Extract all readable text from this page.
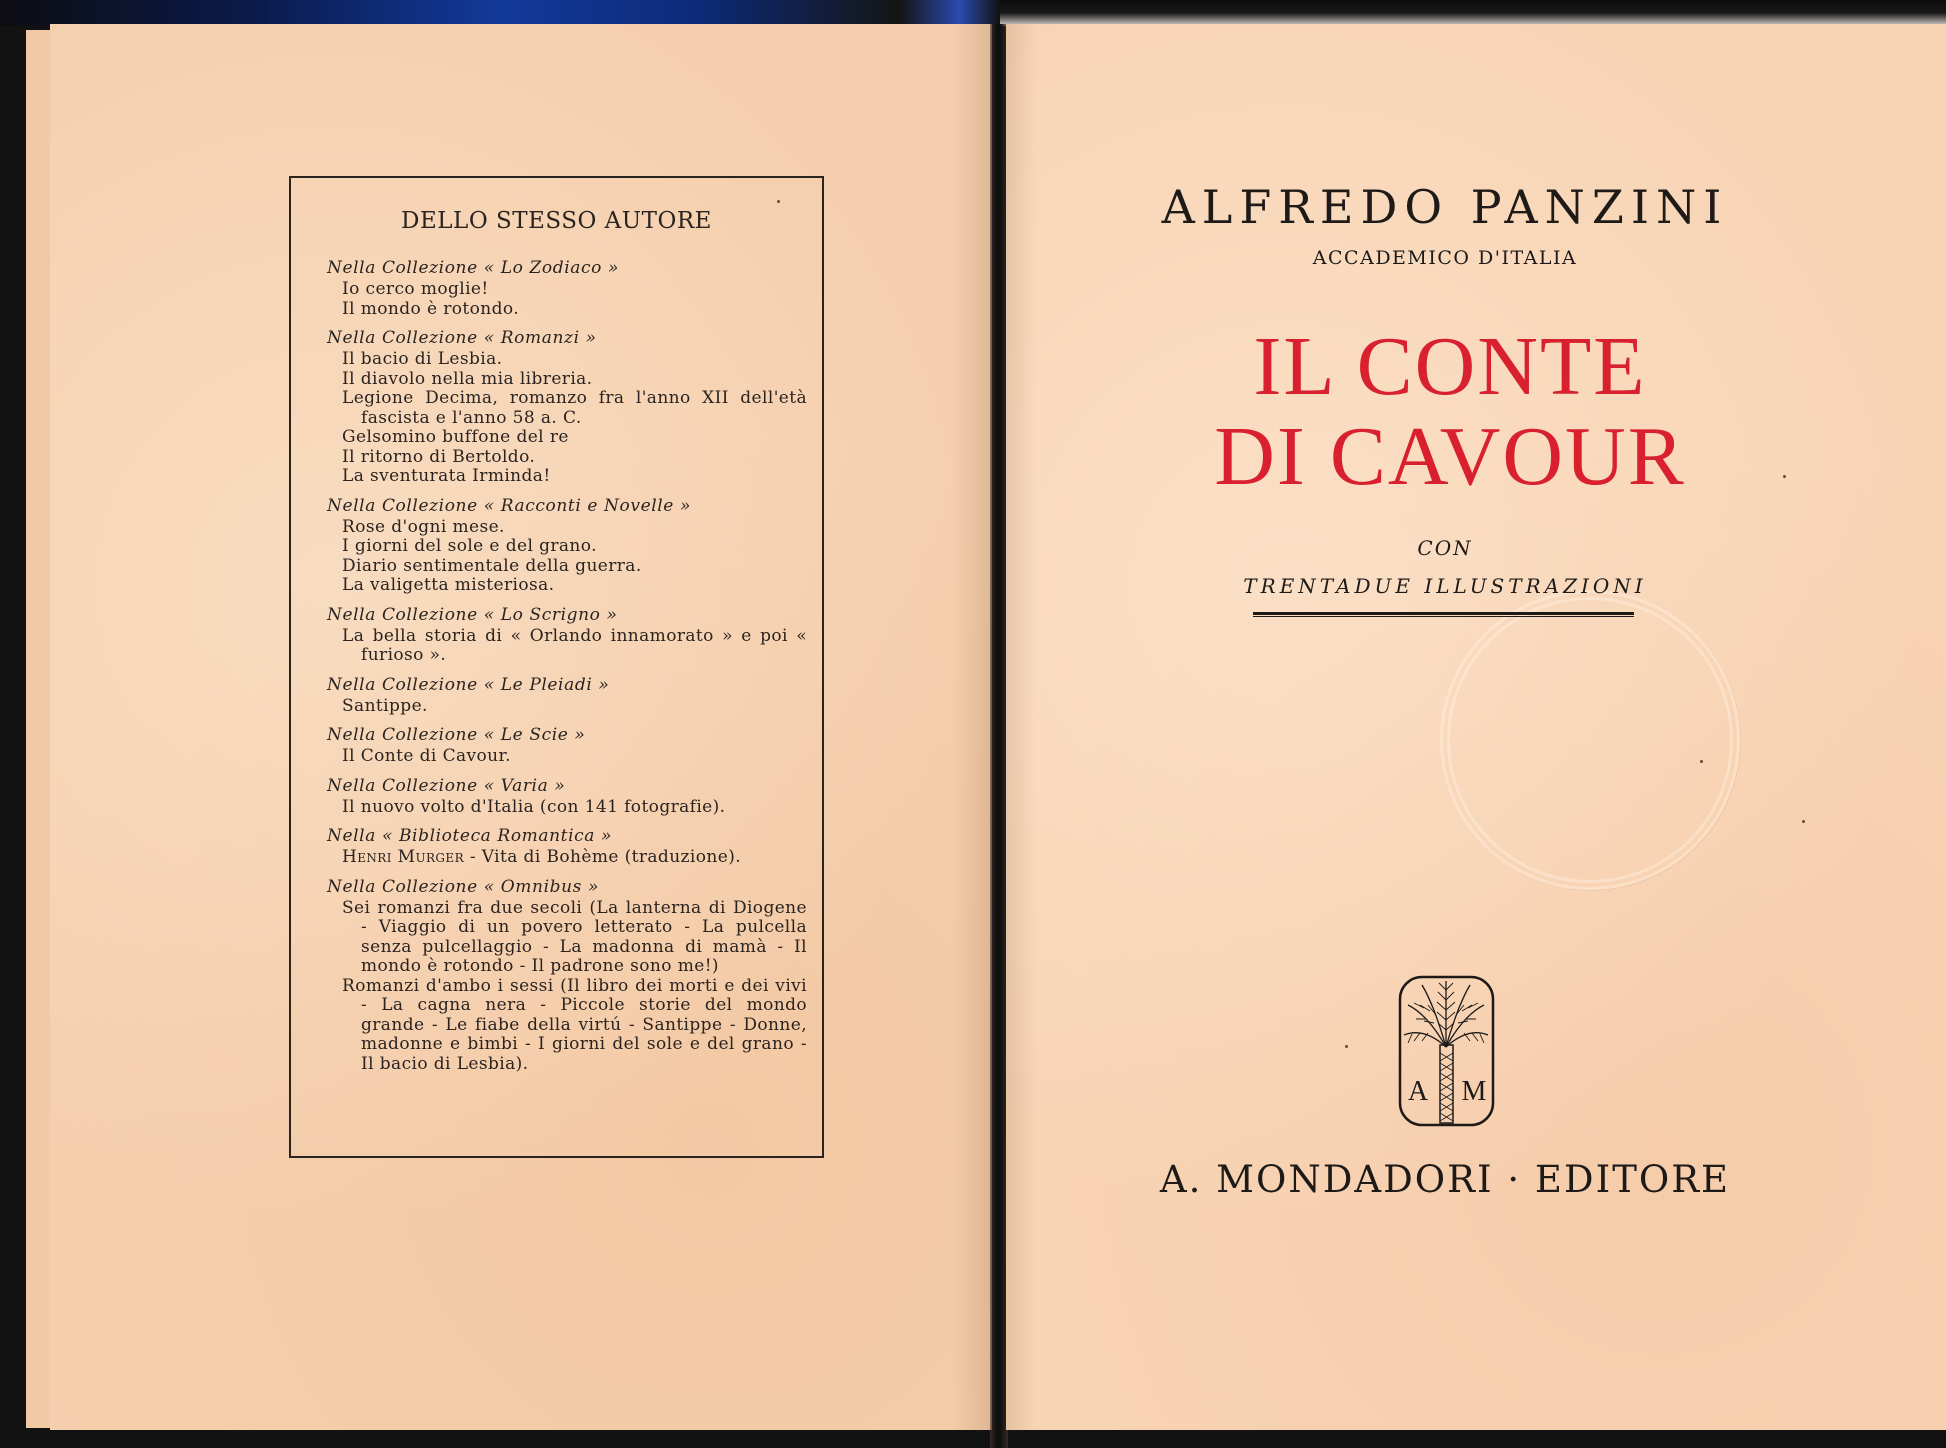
DELLO STESSO AUTORE
Nella Collezione « Lo Zodiaco »
Io cerco moglie!
Il mondo è rotondo.
Nella Collezione « Romanzi »
Il bacio di Lesbia.
Il diavolo nella mia libreria.
Legione Decima, romanzo fra l'anno XII dell'età fascista e l'anno 58 a. C.
Gelsomino buffone del re
Il ritorno di Bertoldo.
La sventurata Irminda!
Nella Collezione « Racconti e Novelle »
Rose d'ogni mese.
I giorni del sole e del grano.
Diario sentimentale della guerra.
La valigetta misteriosa.
Nella Collezione « Lo Scrigno »
La bella storia di « Orlando innamorato » e poi « furioso ».
Nella Collezione « Le Pleiadi »
Santippe.
Nella Collezione « Le Scie »
Il Conte di Cavour.
Nella Collezione « Varia »
Il nuovo volto d'Italia (con 141 fotografie).
Nella « Biblioteca Romantica »
Henri Murger - Vita di Bohème (traduzione).
Nella Collezione « Omnibus »
Sei romanzi fra due secoli (La lanterna di Diogene - Viaggio di un povero letterato - La pulcella senza pulcellaggio - La madonna di mamà - Il mondo è rotondo - Il padrone sono me!)
Romanzi d'ambo i sessi (Il libro dei morti e dei vivi - La cagna nera - Piccole storie del mondo grande - Le fiabe della virtú - Santippe - Donne, madonne e bimbi - I giorni del sole e del grano - Il bacio di Lesbia).
ALFREDO PANZINI
ACCADEMICO D'ITALIA
IL CONTE
DI CAVOUR
CON
TRENTADUE ILLUSTRAZIONI
A M
A. MONDADORI · EDITORE
